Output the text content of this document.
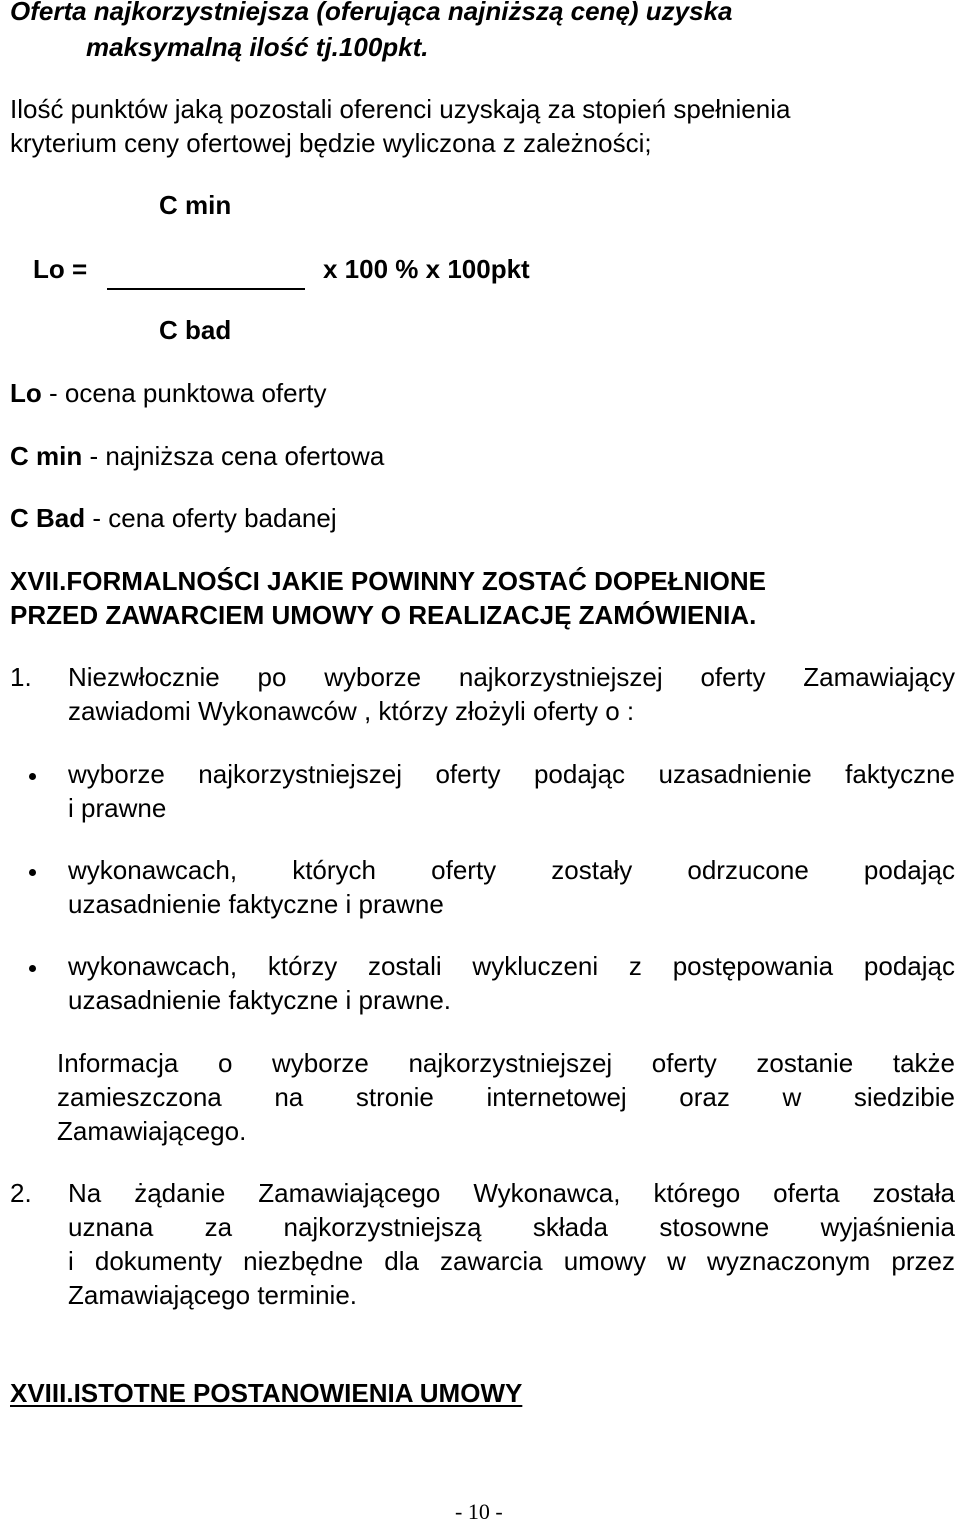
Oferta najkorzystniejsza (oferująca najniższą cenę) uzyska
maksymalną ilość tj.100pkt.
Ilość punktów jaką pozostali oferenci uzyskają za stopień spełnienia
kryterium ceny ofertowej będzie wyliczona z zależności;
C min
Lo =	x 100 % x 100pkt
C bad
Lo - ocena punktowa oferty
C min - najniższa cena ofertowa
C Bad - cena oferty badanej
XVII.FORMALNOŚCI JAKIE POWINNY ZOSTAĆ DOPEŁNIONE
PRZED ZAWARCIEM UMOWY O REALIZACJĘ ZAMÓWIENIA.
1. Niezwłocznie po wyborze najkorzystniejszej oferty Zamawiający
zawiadomi Wykonawców , którzy złożyli oferty o :
wyborze najkorzystniejszej oferty podając uzasadnienie faktyczne
i prawne
wykonawcach, których oferty zostały odrzucone podając
uzasadnienie faktyczne i prawne
wykonawcach, którzy zostali wykluczeni z postępowania podając
uzasadnienie faktyczne i prawne.
Informacja o wyborze najkorzystniejszej oferty zostanie także
zamieszczona na stronie internetowej oraz w siedzibie
Zamawiającego.
2. Na żądanie Zamawiającego Wykonawca, którego oferta została
uznana za najkorzystniejszą składa stosowne wyjaśnienia
i dokumenty niezbędne dla zawarcia umowy w wyznaczonym przez
Zamawiającego terminie.
XVIII.ISTOTNE POSTANOWIENIA UMOWY
- 10 -
